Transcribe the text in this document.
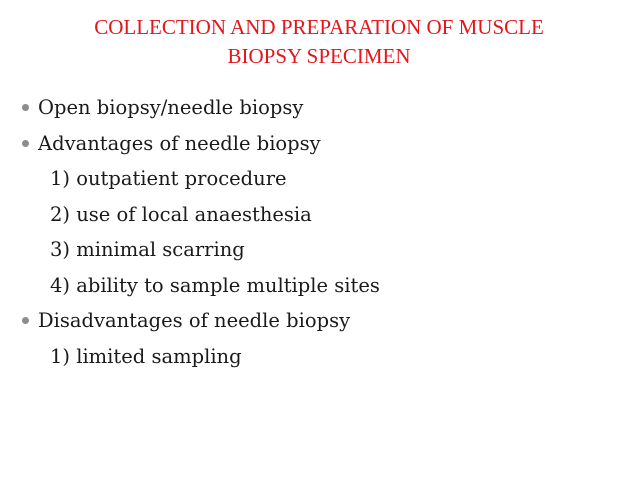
COLLECTION AND PREPARATION OF MUSCLE
BIOPSY SPECIMEN
Open biopsy/needle biopsy
Advantages of needle biopsy
1) outpatient procedure
2) use of local anaesthesia
3) minimal scarring
4) ability to sample multiple sites
Disadvantages of needle biopsy
1) limited sampling
